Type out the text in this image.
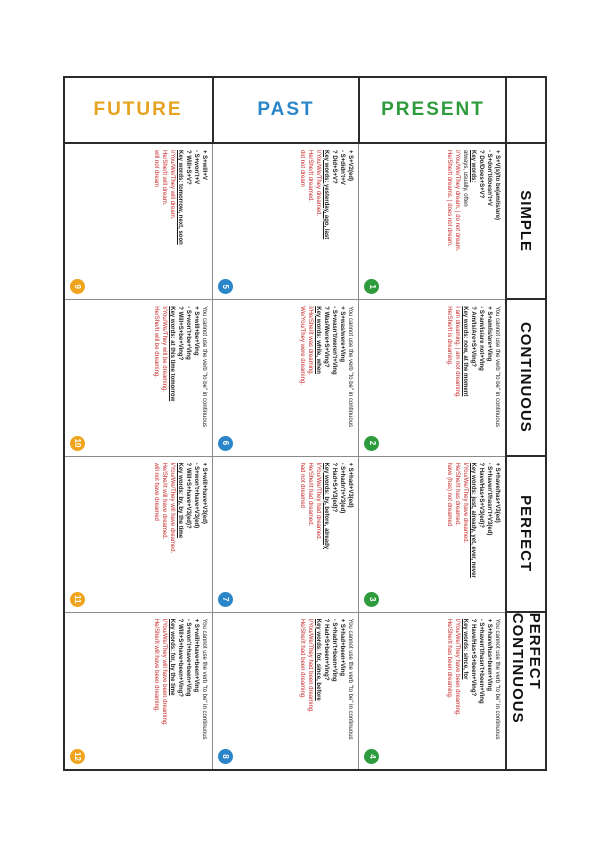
SIMPLE
CONTINUOUS
PERFECT
PERFECT CONTINUOUS
PRESENT
+ S+V(s)/to be(am/is/are)
- S+don't/doesn't+V
? Do/Does+S+V?
Key words:
always, usually, often
I/You/We/They dream. | do not dream.
He/She/It dreams. | does not dream.
1
You cannot use the verb "to be" in continuous
+ S+am/is/are+Ving
- S+am/is/are not+Ving
? Am/Is/Are+S+Ving?
Key words: now, at the moment
I am dreaming. | am not dreaming.
He/She/It is dreaming.
2
+ S+have/has+V3(ed)
- S+haven't/hasn't+V3(ed)
? Have/Has+S+V3(ed)?
Key words: just, already, yet, ever, never
I/You/We/They have dreamed.
He/She/It has dreamed.
have (has) not dreamed
3
You cannot use the verb "to be" in continuous
+ S+have/has+been+Ving
- S+haven't/hasn't+been+Ving
? Have/Has+S+been+Ving?
Key words: since, for
I/You/We/They have been dreaming.
He/She/It has been dreaming.
4
PAST
+ S+V2(ed)
- S+didn't+V
? Did+S+V?
Key words: yesterday, ago, last
I/You/We/They dreamed.
He/She/It dreamed.
did not dream
5
You cannot use the verb "to be" in continuous
+ S+was/were+Ving
- S+wasn't/weren't+Ving
? Was/Were+S+Ving?
Key words: while, when
I/He/She/It was dreaming.
We/You/They were dreaming.
6
+ S+had+V3(ed)
- S+hadn't+V3(ed)
? Had+S+V3(ed)?
Key words: by, before, already
I/You/We/They had dreamed.
He/She/It had dreamed.
had not dreamed
7
You cannot use the verb "to be" in continuous
+ S+had+been+Ving
- S+hadn't+been+Ving
? Had+S+been+Ving?
Key words: for, since, before
I/You/We/They had been dreaming.
He/She/It had been dreaming.
8
FUTURE
+ S+will+V
- S+won't+V
? Will+S+V?
Key words: tomorrow, next, soon
I/You/We/They will dream.
He/She/It will dream.
will not dream
9
You cannot use the verb "to be" in continuous
+ S+will+be+Ving
- S+won't+be+Ving
? Will+S+be+Ving?
Key words: at this time tomorrow
I/You/We/They will be dreaming.
He/She/It will be dreaming.
10
+ S+will+have+V3(ed)
- S+won't+have+V3(ed)
? Will+S+have+V3(ed)?
Key words: by, by the time
I/You/We/They will have dreamed.
He/She/It will have dreamed.
will not have dreamed
11
You cannot use the verb "to be" in continuous
+ S+will+have+been+Ving
- S+won't+have+been+Ving
? Will+S+have+been+Ving?
Key words: for, by the time
I/You/We/They will have been dreaming.
He/She/It will have been dreaming.
12
